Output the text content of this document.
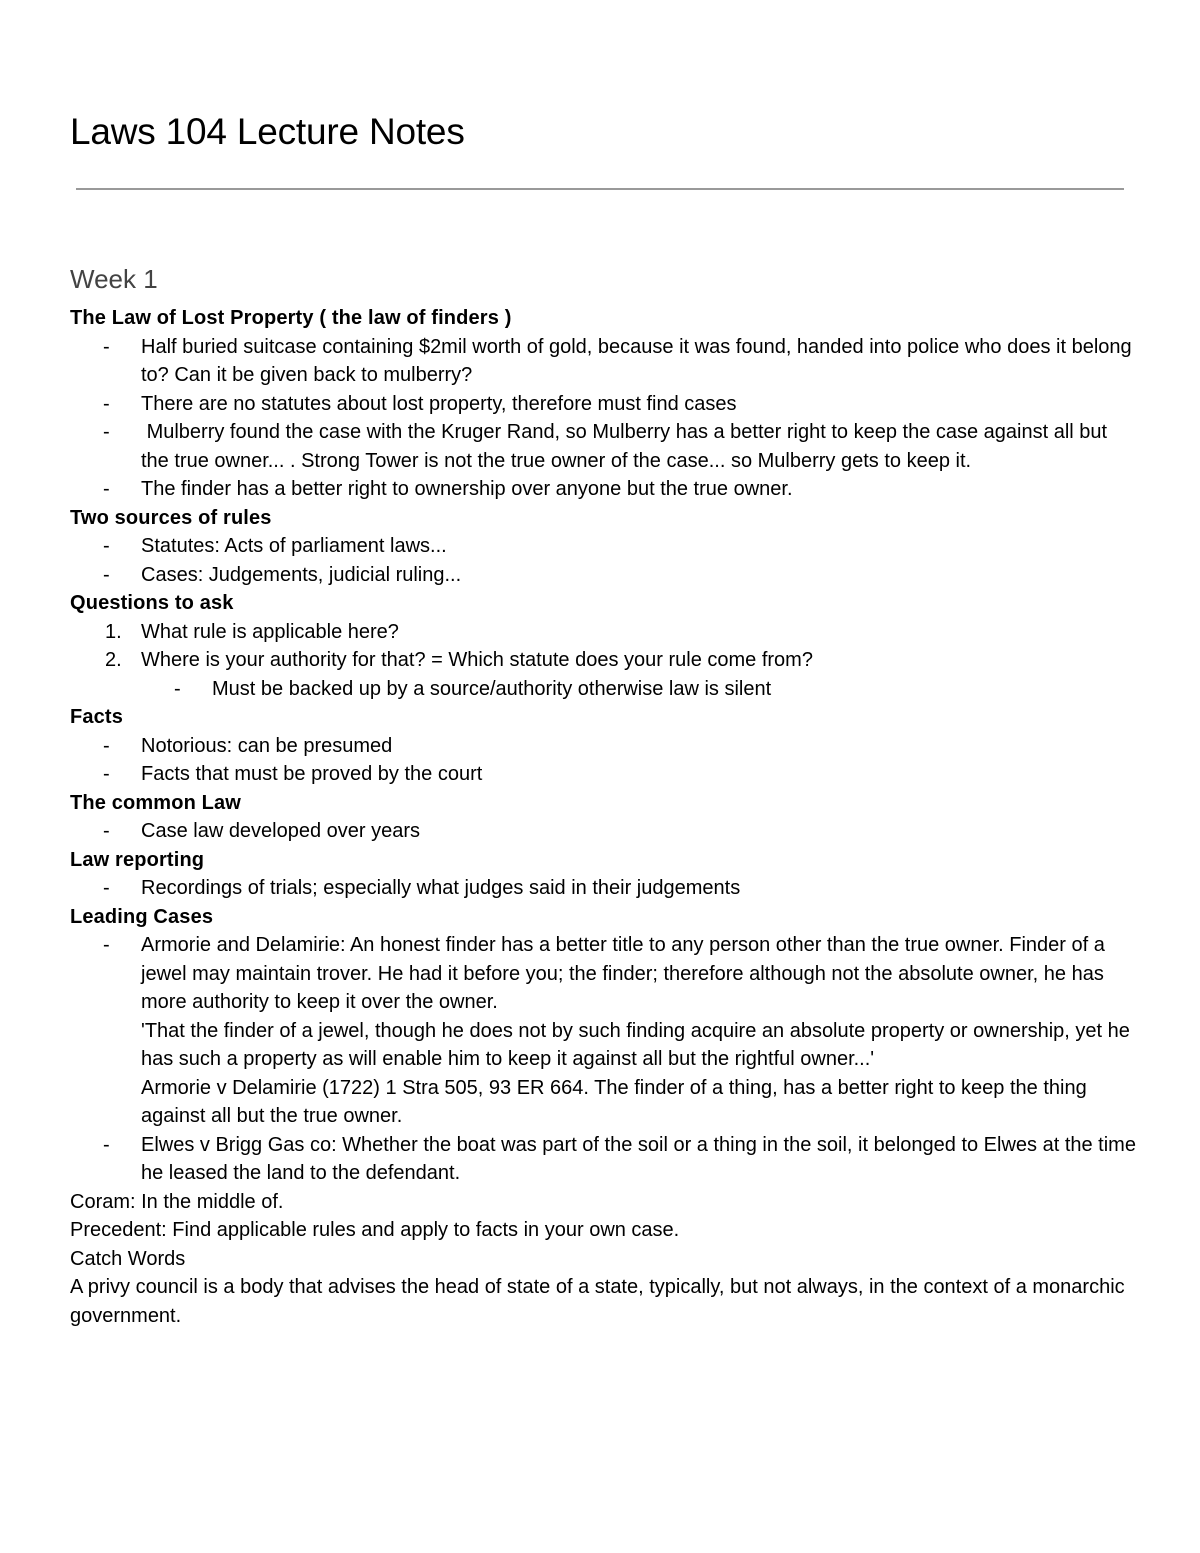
Laws 104 Lecture Notes
Week 1
The Law of Lost Property ( the law of finders )
- Half buried suitcase containing $2mil worth of gold, because it was found, handed into police who does it belong to? Can it be given back to mulberry?
- There are no statutes about lost property, therefore must find cases
- Mulberry found the case with the Kruger Rand, so Mulberry has a better right to keep the case against all but the true owner... . Strong Tower is not the true owner of the case... so Mulberry gets to keep it.
- The finder has a better right to ownership over anyone but the true owner.
Two sources of rules
- Statutes: Acts of parliament laws...
- Cases: Judgements, judicial ruling...
Questions to ask
1. What rule is applicable here?
2. Where is your authority for that? = Which statute does your rule come from?
- Must be backed up by a source/authority otherwise law is silent
Facts
- Notorious: can be presumed
- Facts that must be proved by the court
The common Law
- Case law developed over years
Law reporting
- Recordings of trials; especially what judges said in their judgements
Leading Cases
- Armorie and Delamirie: An honest finder has a better title to any person other than the true owner. Finder of a jewel may maintain trover. He had it before you; the finder; therefore although not the absolute owner, he has more authority to keep it over the owner.
'That the finder of a jewel, though he does not by such finding acquire an absolute property or ownership, yet he has such a property as will enable him to keep it against all but the rightful owner...'
Armorie v Delamirie (1722) 1 Stra 505, 93 ER 664. The finder of a thing, has a better right to keep the thing against all but the true owner.
- Elwes v Brigg Gas co: Whether the boat was part of the soil or a thing in the soil, it belonged to Elwes at the time he leased the land to the defendant.
Coram: In the middle of.
Precedent: Find applicable rules and apply to facts in your own case.
Catch Words
A privy council is a body that advises the head of state of a state, typically, but not always, in the context of a monarchic government.
